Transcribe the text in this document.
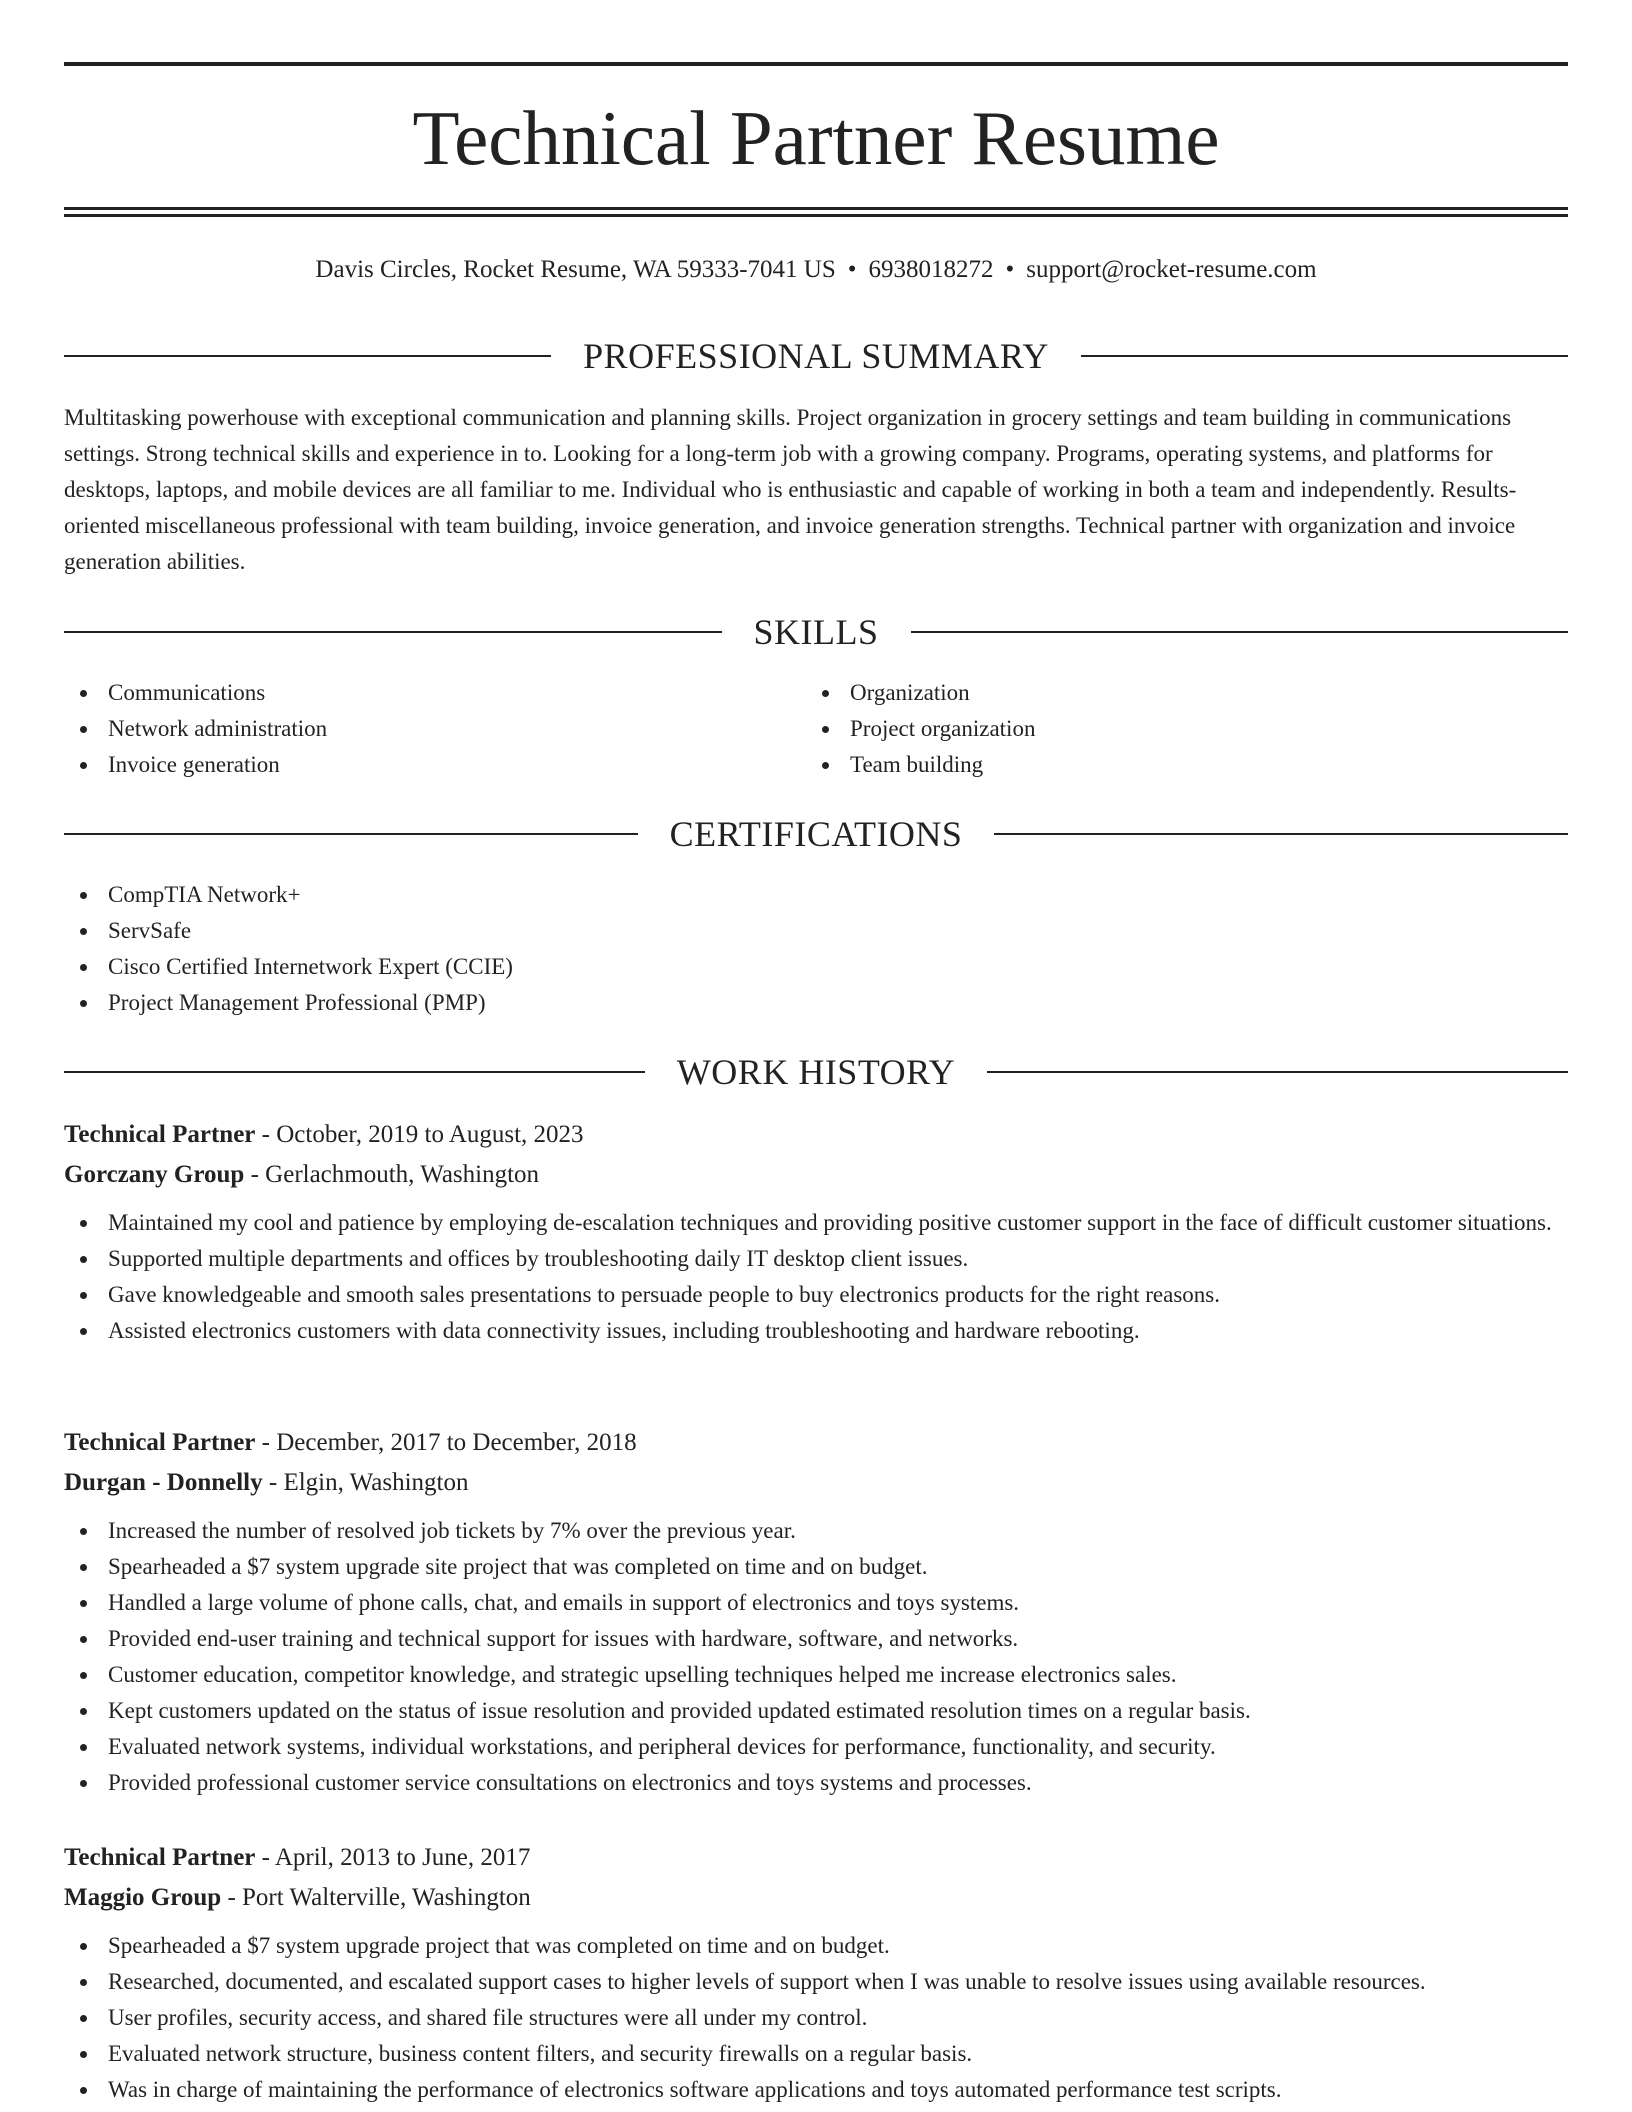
Technical Partner Resume
Davis Circles, Rocket Resume, WA 59333-7041 US • 6938018272 • support@rocket-resume.com
PROFESSIONAL SUMMARY

Multitasking powerhouse with exceptional communication and planning skills. Project organization in grocery settings and team building in communications settings. Strong technical skills and experience in to. Looking for a long-term job with a growing company. Programs, operating systems, and platforms for desktops, laptops, and mobile devices are all familiar to me. Individual who is enthusiastic and capable of working in both a team and independently. Results-oriented miscellaneous professional with team building, invoice generation, and invoice generation strengths. Technical partner with organization and invoice generation abilities.

SKILLS
Communications
Network administration
Invoice generation
Organization
Project organization
Team building
CERTIFICATIONS
CompTIA Network+
ServSafe
Cisco Certified Internetwork Expert (CCIE)
Project Management Professional (PMP)
WORK HISTORY
Technical Partner - October, 2019 to August, 2023
Gorczany Group - Gerlachmouth, Washington
Maintained my cool and patience by employing de-escalation techniques and providing positive customer support in the face of difficult customer situations.
Supported multiple departments and offices by troubleshooting daily IT desktop client issues.
Gave knowledgeable and smooth sales presentations to persuade people to buy electronics products for the right reasons.
Assisted electronics customers with data connectivity issues, including troubleshooting and hardware rebooting.
Technical Partner - December, 2017 to December, 2018
Durgan - Donnelly - Elgin, Washington
Increased the number of resolved job tickets by 7% over the previous year.
Spearheaded a $7 system upgrade site project that was completed on time and on budget.
Handled a large volume of phone calls, chat, and emails in support of electronics and toys systems.
Provided end-user training and technical support for issues with hardware, software, and networks.
Customer education, competitor knowledge, and strategic upselling techniques helped me increase electronics sales.
Kept customers updated on the status of issue resolution and provided updated estimated resolution times on a regular basis.
Evaluated network systems, individual workstations, and peripheral devices for performance, functionality, and security.
Provided professional customer service consultations on electronics and toys systems and processes.
Technical Partner - April, 2013 to June, 2017
Maggio Group - Port Walterville, Washington
Spearheaded a $7 system upgrade project that was completed on time and on budget.
Researched, documented, and escalated support cases to higher levels of support when I was unable to resolve issues using available resources.
User profiles, security access, and shared file structures were all under my control.
Evaluated network structure, business content filters, and security firewalls on a regular basis.
Was in charge of maintaining the performance of electronics software applications and toys automated performance test scripts.
